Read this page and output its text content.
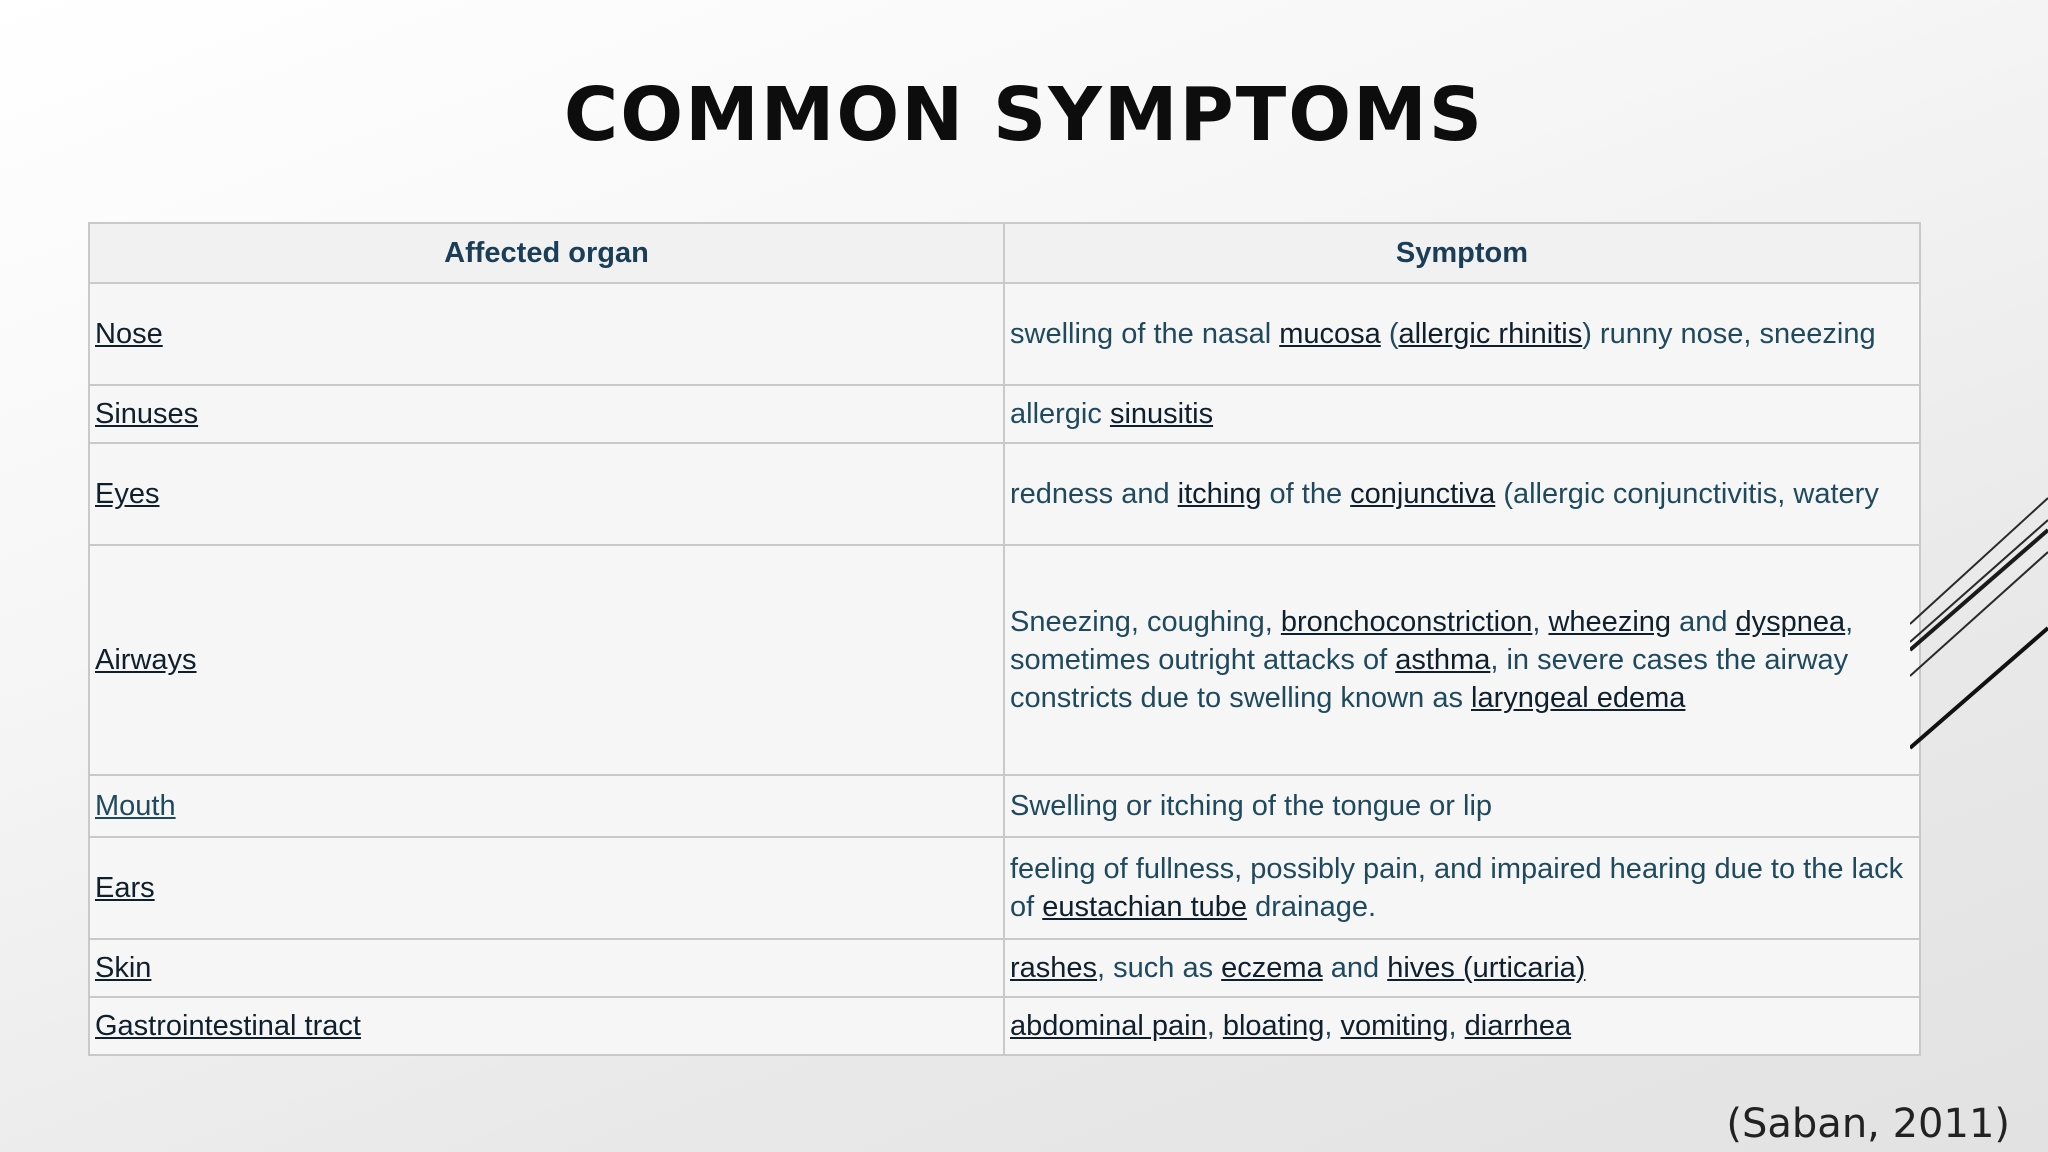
COMMON SYMPTOMS
Affected organ	Symptom
Nose	swelling of the nasal mucosa (allergic rhinitis) runny nose, sneezing
Sinuses	allergic sinusitis
Eyes	redness and itching of the conjunctiva (allergic conjunctivitis, watery
Airways	Sneezing, coughing, bronchoconstriction, wheezing and dyspnea, sometimes outright attacks of asthma, in severe cases the airway constricts due to swelling known as laryngeal edema
Mouth	Swelling or itching of the tongue or lip
Ears	feeling of fullness, possibly pain, and impaired hearing due to the lack of eustachian tube drainage.
Skin	rashes, such as eczema and hives (urticaria)
Gastrointestinal tract	abdominal pain, bloating, vomiting, diarrhea
(Saban, 2011)
